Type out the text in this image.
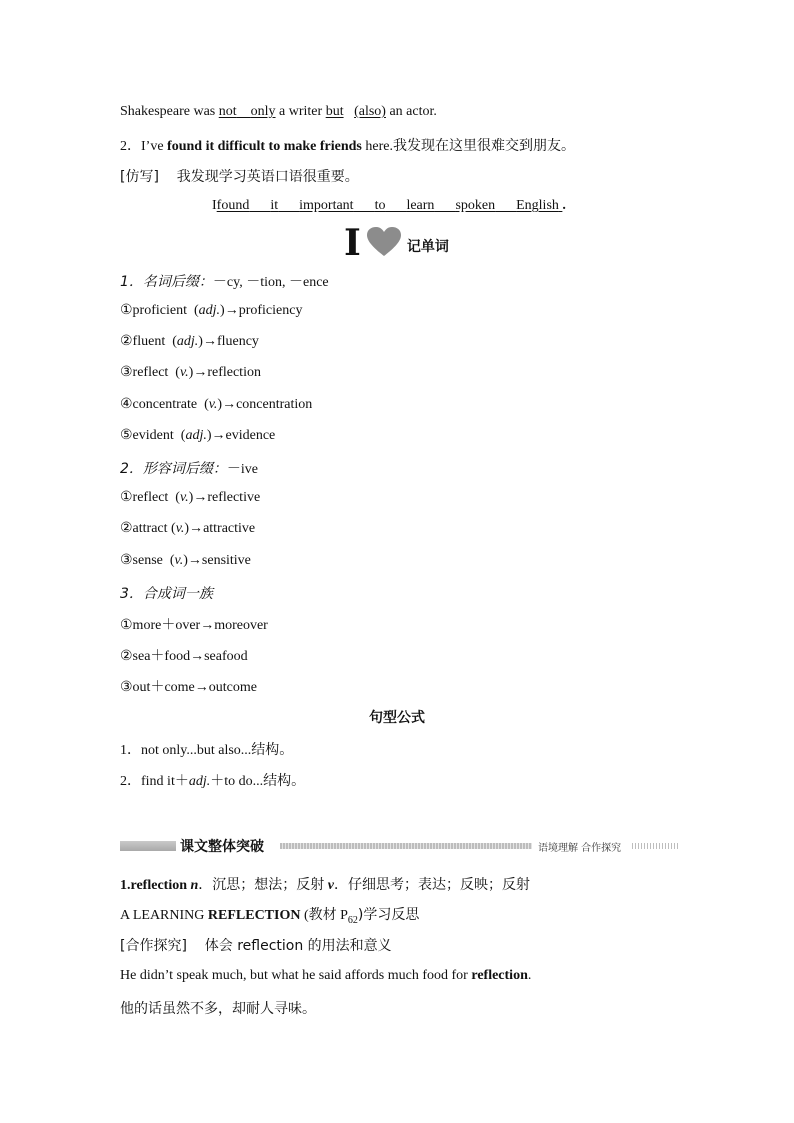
Shakespeare was not only a writer but (also) an actor.
2．I’ve found it difficult to make friends here.我发现在这里很难交到朋友。
[仿写] 我发现学习英语口语很重要。
Ifound it important to learn spoken English .
I	记单词
1．名词后缀：－cy, －tion, －ence
①proficient  (adj.)→proficiency
②fluent  (adj.)→fluency
③reflect  (v.)→reflection
④concentrate  (v.)→concentration
⑤evident  (adj.)→evidence
2．形容词后缀：－ive
①reflect  (v.)→reflective
②attract (v.)→attractive
③sense  (v.)→sensitive
3．合成词一族
①more＋over→moreover
②sea＋food→seafood
③out＋come→outcome
句型公式
1．not only...but also...结构。
2．find it＋adj.＋to do...结构。
课文整体突破	语境理解 合作探究
1.reflection n．沉思；想法；反射 v．仔细思考；表达；反映；反射
A LEARNING REFLECTION (教材 $P_{62}$)学习反思
[合作探究] 体会 reflection 的用法和意义
He didn’t speak much, but what he said affords much food for reflection.
他的话虽然不多，却耐人寻味。
